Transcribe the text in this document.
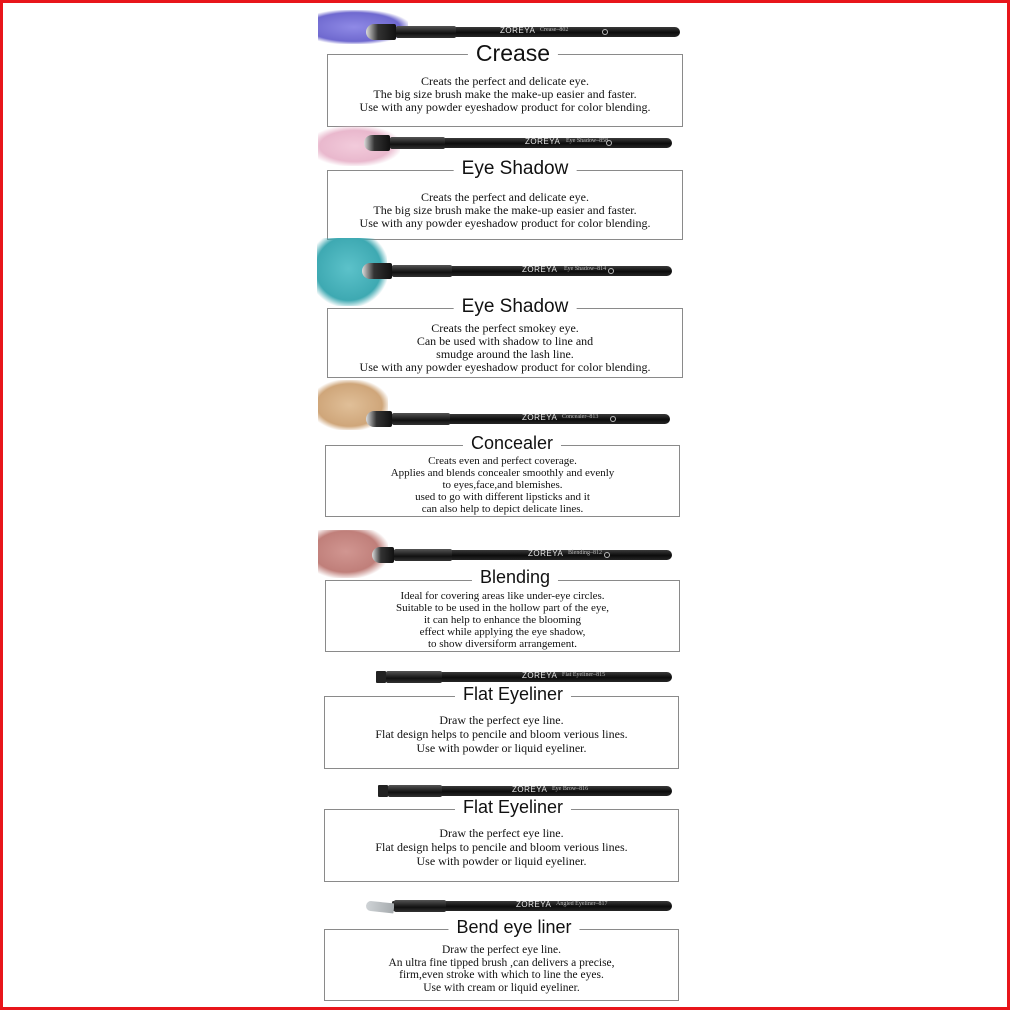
ZOREYA Crease–802
Creats the perfect and delicate eye.
The big size brush make the make-up easier and faster.
Use with any powder eyeshadow product for color blending.
Crease
ZOREYA Eye Shadow–858
Creats the perfect and delicate eye.
The big size brush make the make-up easier and faster.
Use with any powder eyeshadow product for color blending.
Eye Shadow
ZOREYA Eye Shadow–814
Creats the perfect smokey eye.
Can be used with shadow to line and
smudge around the lash line.
Use with any powder eyeshadow product for color blending.
Eye Shadow
ZOREYA Concealer–813
Creats even and perfect coverage.
Applies and blends concealer smoothly and evenly
to eyes,face,and blemishes.
used to go with different lipsticks and it
can also help to depict delicate lines.
Concealer
ZOREYA Blending–812
Ideal for covering areas like under-eye circles.
Suitable to be used in the hollow part of the eye,
it can help to enhance the blooming
effect while applying the eye shadow,
to show diversiform arrangement.
Blending
ZOREYA Flat Eyeliner–815
Draw the perfect eye line.
Flat design helps to pencile and bloom verious lines.
Use with powder or liquid eyeliner.
Flat Eyeliner
ZOREYA Eye Brow–816
Draw the perfect eye line.
Flat design helps to pencile and bloom verious lines.
Use with powder or liquid eyeliner.
Flat Eyeliner
ZOREYA Angled Eyeliner–817
Draw the perfect eye line.
An ultra fine tipped brush ,can delivers a precise,
firm,even stroke with which to line the eyes.
Use with cream or liquid eyeliner.
Bend eye liner
